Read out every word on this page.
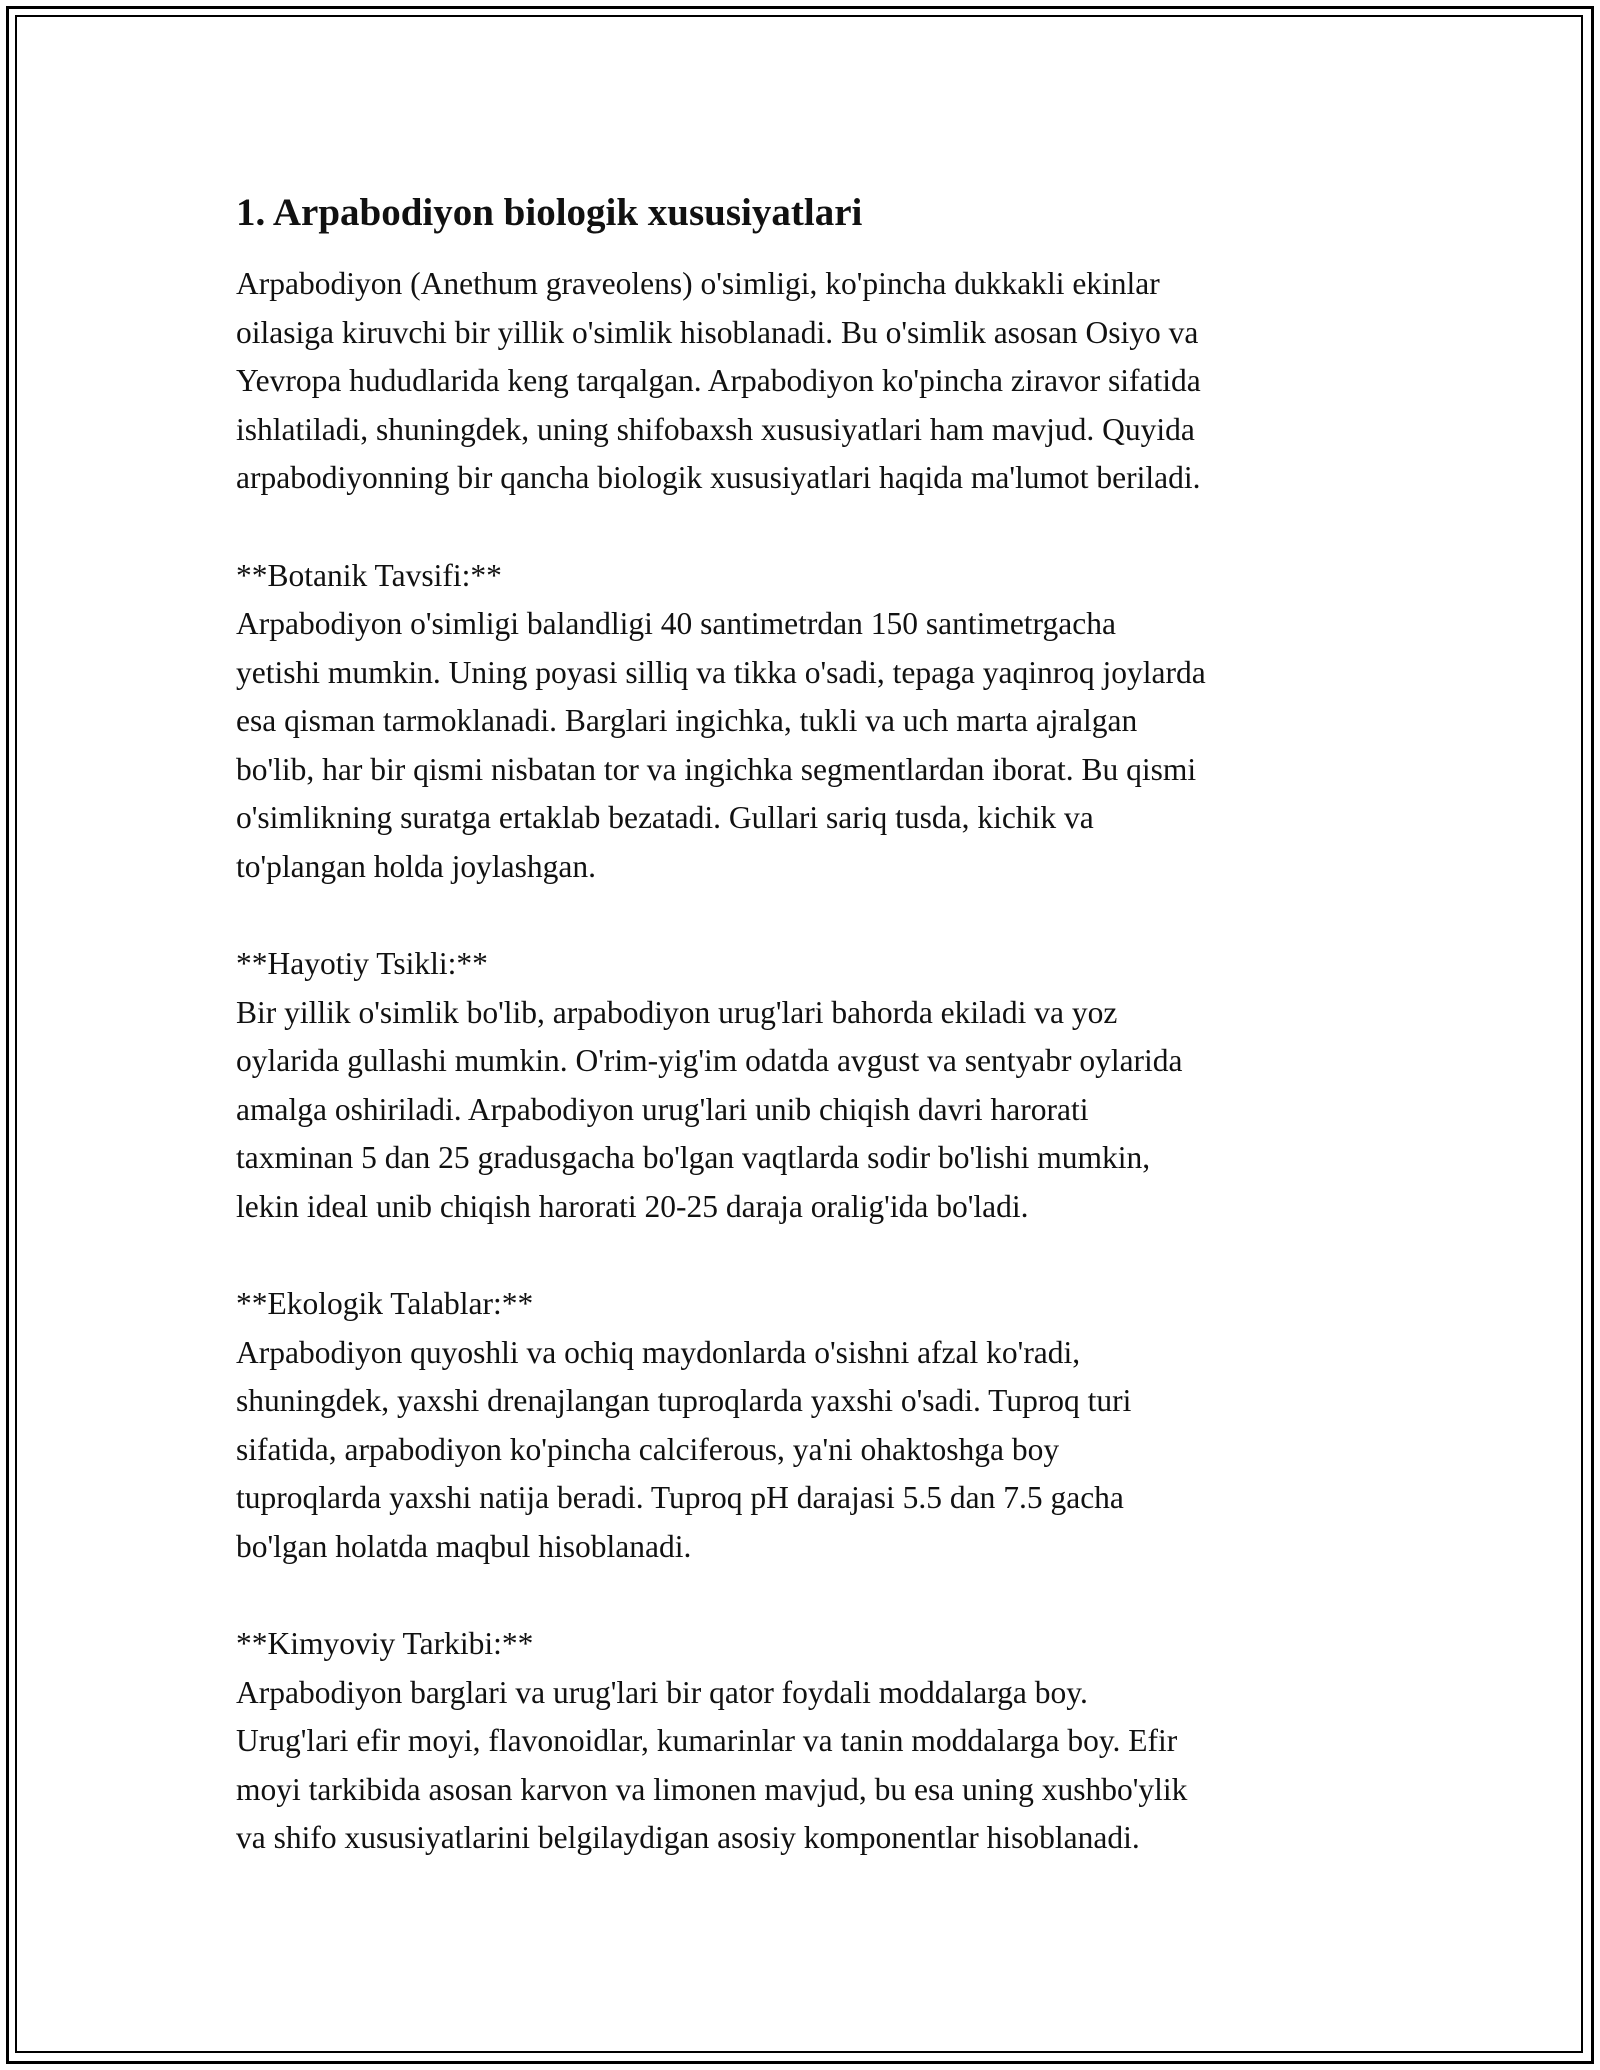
1. Arpabodiyon biologik xususiyatlari

Arpabodiyon (Anethum graveolens) o'simligi, ko'pincha dukkakli ekinlar
oilasiga kiruvchi bir yillik o'simlik hisoblanadi. Bu o'simlik asosan Osiyo va
Yevropa hududlarida keng tarqalgan. Arpabodiyon ko'pincha ziravor sifatida
ishlatiladi, shuningdek, uning shifobaxsh xususiyatlari ham mavjud. Quyida
arpabodiyonning bir qancha biologik xususiyatlari haqida ma'lumot beriladi.

**Botanik Tavsifi:**

Arpabodiyon o'simligi balandligi 40 santimetrdan 150 santimetrgacha
yetishi mumkin. Uning poyasi silliq va tikka o'sadi, tepaga yaqinroq joylarda
esa qisman tarmoklanadi. Barglari ingichka, tukli va uch marta ajralgan
bo'lib, har bir qismi nisbatan tor va ingichka segmentlardan iborat. Bu qismi
o'simlikning suratga ertaklab bezatadi. Gullari sariq tusda, kichik va
to'plangan holda joylashgan.

**Hayotiy Tsikli:**

Bir yillik o'simlik bo'lib, arpabodiyon urug'lari bahorda ekiladi va yoz
oylarida gullashi mumkin. O'rim-yig'im odatda avgust va sentyabr oylarida
amalga oshiriladi. Arpabodiyon urug'lari unib chiqish davri harorati
taxminan 5 dan 25 gradusgacha bo'lgan vaqtlarda sodir bo'lishi mumkin,
lekin ideal unib chiqish harorati 20-25 daraja oralig'ida bo'ladi.

**Ekologik Talablar:**

Arpabodiyon quyoshli va ochiq maydonlarda o'sishni afzal ko'radi,
shuningdek, yaxshi drenajlangan tuproqlarda yaxshi o'sadi. Tuproq turi
sifatida, arpabodiyon ko'pincha calciferous, ya'ni ohaktoshga boy
tuproqlarda yaxshi natija beradi. Tuproq pH darajasi 5.5 dan 7.5 gacha
bo'lgan holatda maqbul hisoblanadi.

**Kimyoviy Tarkibi:**

Arpabodiyon barglari va urug'lari bir qator foydali moddalarga boy.
Urug'lari efir moyi, flavonoidlar, kumarinlar va tanin moddalarga boy. Efir
moyi tarkibida asosan karvon va limonen mavjud, bu esa uning xushbo'ylik
va shifo xususiyatlarini belgilaydigan asosiy komponentlar hisoblanadi.
